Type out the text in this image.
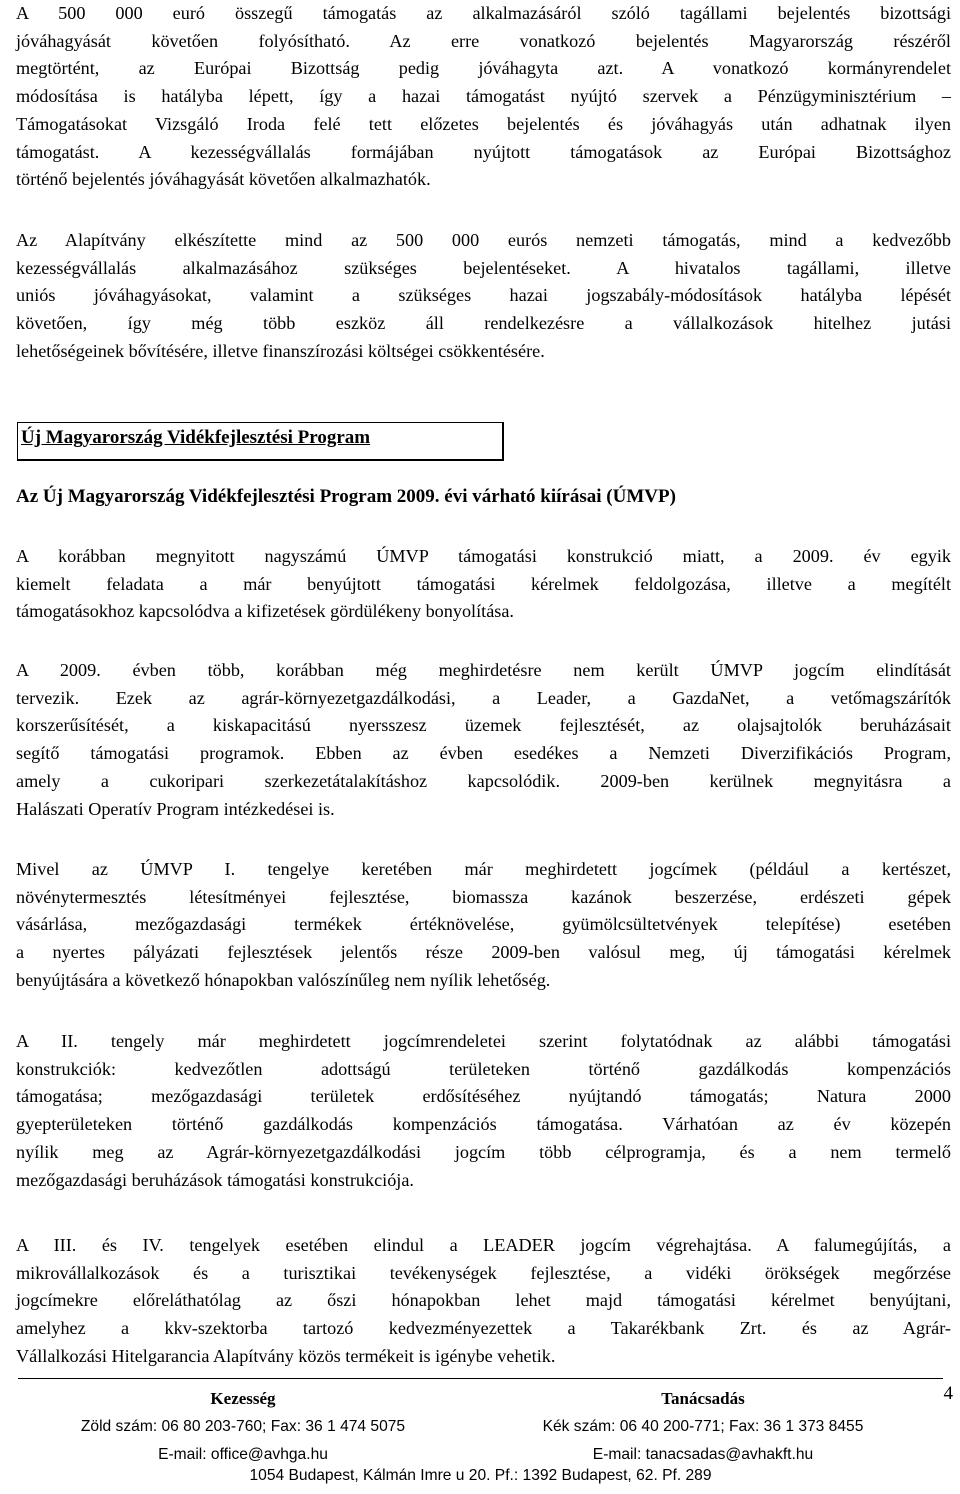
A 500 000 euró összegű támogatás az alkalmazásáról szóló tagállami bejelentés bizottsági
jóváhagyását követően folyósítható. Az erre vonatkozó bejelentés Magyarország részéről
megtörtént, az Európai Bizottság pedig jóváhagyta azt. A vonatkozó kormányrendelet
módosítása is hatályba lépett, így a hazai támogatást nyújtó szervek a Pénzügyminisztérium –
Támogatásokat Vizsgáló Iroda felé tett előzetes bejelentés és jóváhagyás után adhatnak ilyen
támogatást. A kezességvállalás formájában nyújtott támogatások az Európai Bizottsághoz
történő bejelentés jóváhagyását követően alkalmazhatók.
Az Alapítvány elkészítette mind az 500 000 eurós nemzeti támogatás, mind a kedvezőbb
kezességvállalás alkalmazásához szükséges bejelentéseket. A hivatalos tagállami, illetve
uniós jóváhagyásokat, valamint a szükséges hazai jogszabály-módosítások hatályba lépését
követően, így még több eszköz áll rendelkezésre a vállalkozások hitelhez jutási
lehetőségeinek bővítésére, illetve finanszírozási költségei csökkentésére.
Új Magyarország Vidékfejlesztési Program
Az Új Magyarország Vidékfejlesztési Program 2009. évi várható kiírásai (ÚMVP)
A korábban megnyitott nagyszámú ÚMVP támogatási konstrukció miatt, a 2009. év egyik
kiemelt feladata a már benyújtott támogatási kérelmek feldolgozása, illetve a megítélt
támogatásokhoz kapcsolódva a kifizetések gördülékeny bonyolítása.
A 2009. évben több, korábban még meghirdetésre nem került ÚMVP jogcím elindítását
tervezik. Ezek az agrár-környezetgazdálkodási, a Leader, a GazdaNet, a vetőmagszárítók
korszerűsítését, a kiskapacitású nyersszesz üzemek fejlesztését, az olajsajtolók beruházásait
segítő támogatási programok. Ebben az évben esedékes a Nemzeti Diverzifikációs Program,
amely a cukoripari szerkezetátalakításhoz kapcsolódik. 2009-ben kerülnek megnyitásra a
Halászati Operatív Program intézkedései is.
Mivel az ÚMVP I. tengelye keretében már meghirdetett jogcímek (például a kertészet,
növénytermesztés létesítményei fejlesztése, biomassza kazánok beszerzése, erdészeti gépek
vásárlása, mezőgazdasági termékek értéknövelése, gyümölcsültetvények telepítése) esetében
a nyertes pályázati fejlesztések jelentős része 2009-ben valósul meg, új támogatási kérelmek
benyújtására a következő hónapokban valószínűleg nem nyílik lehetőség.
A II. tengely már meghirdetett jogcímrendeletei szerint folytatódnak az alábbi támogatási
konstrukciók: kedvezőtlen adottságú területeken történő gazdálkodás kompenzációs
támogatása; mezőgazdasági területek erdősítéséhez nyújtandó támogatás; Natura 2000
gyepterületeken történő gazdálkodás kompenzációs támogatása. Várhatóan az év közepén
nyílik meg az Agrár-környezetgazdálkodási jogcím több célprogramja, és a nem termelő
mezőgazdasági beruházások támogatási konstrukciója.
A III. és IV. tengelyek esetében elindul a LEADER jogcím végrehajtása. A falumegújítás, a
mikrovállalkozások és a turisztikai tevékenységek fejlesztése, a vidéki örökségek megőrzése
jogcímekre előreláthatólag az őszi hónapokban lehet majd támogatási kérelmet benyújtani,
amelyhez a kkv-szektorba tartozó kedvezményezettek a Takarékbank Zrt. és az Agrár-
Vállalkozási Hitelgarancia Alapítvány közös termékeit is igénybe vehetik.
Kezesség
Zöld szám: 06 80 203-760; Fax: 36 1 474 5075
E-mail: office@avhga.hu
Tanácsadás
Kék szám: 06 40 200-771; Fax: 36 1 373 8455
E-mail: tanacsadas@avhakft.hu
4
1054 Budapest, Kálmán Imre u 20. Pf.: 1392 Budapest, 62. Pf. 289
